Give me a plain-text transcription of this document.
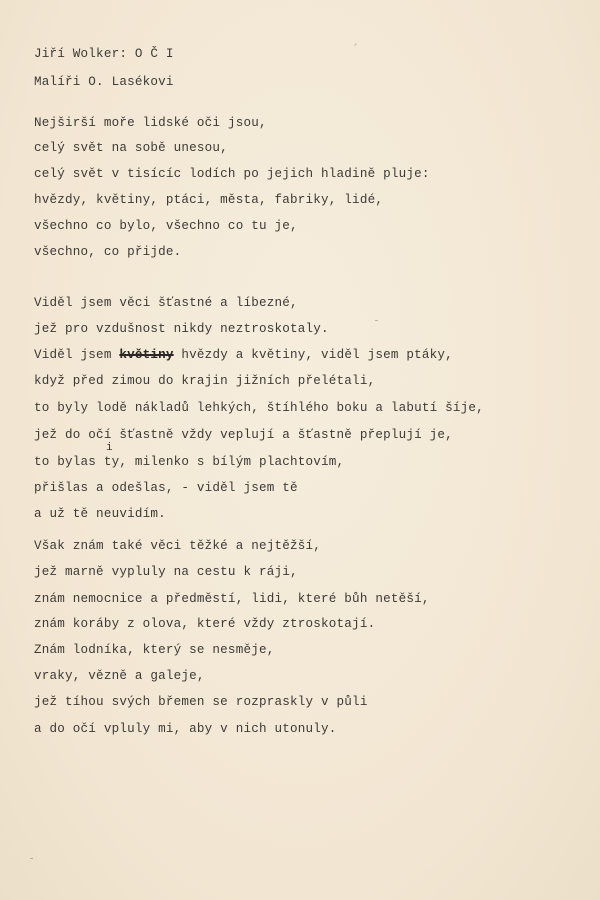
Jiří Wolker: O Č I
Malíři O. Lasékovi
Nejširší moře lidské oči jsou,
celý svět na sobě unesou,
celý svět v tisícíc lodích po jejich hladině pluje:
hvězdy, květiny, ptáci, města, fabriky, lidé,
všechno co bylo, všechno co tu je,
všechno, co přijde.
Viděl jsem věci šťastné a líbezné,
jež pro vzdušnost nikdy neztroskotaly.
Viděl jsem květiny hvězdy a květiny, viděl jsem ptáky,
když před zimou do krajin jižních přelétali,
to byly lodě nákladů lehkých, štíhlého boku a labutí šíje,
jež do očí šťastně vždy veplují a šťastně přeplují je,
i
to bylas ty, milenko s bílým plachtovím,
přišlas a odešlas, - viděl jsem tě
a už tě neuvidím.
Však znám také věci těžké a nejtěžší,
jež marně vypluly na cestu k ráji,
znám nemocnice a předměstí, lidi, které bůh netěší,
znám koráby z olova, které vždy ztroskotají.
Znám lodníka, který se nesměje,
vraky, vězně a galeje,
jež tíhou svých břemen se rozprasklу v půli
a do očí vpluly mi, aby v nich utonuly.
